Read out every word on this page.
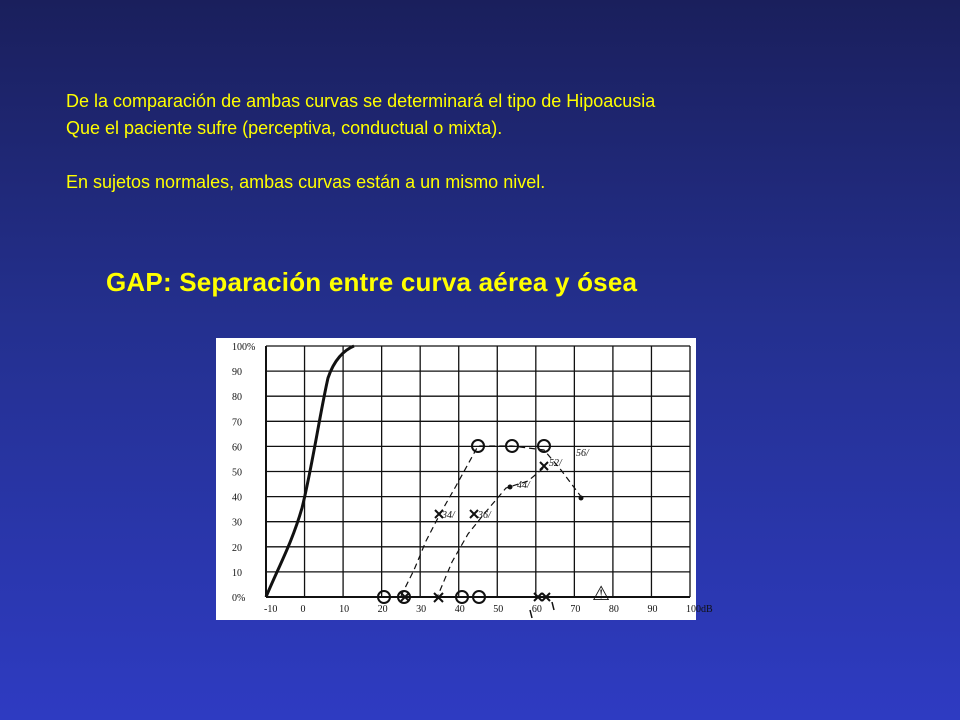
De la comparación de ambas curvas se determinará el tipo de Hipoacusia

Que el paciente sufre (perceptiva, conductual o mixta).

En sujetos normales, ambas curvas están a un mismo nivel.

GAP: Separación entre curva aérea y ósea
100%
90
80
70
60
50
40
30
20
10
0%
-10 0	10	20	30	40	50	60	70	80	90	100dB
34/ 36/
44/
52/
56/
⚠
